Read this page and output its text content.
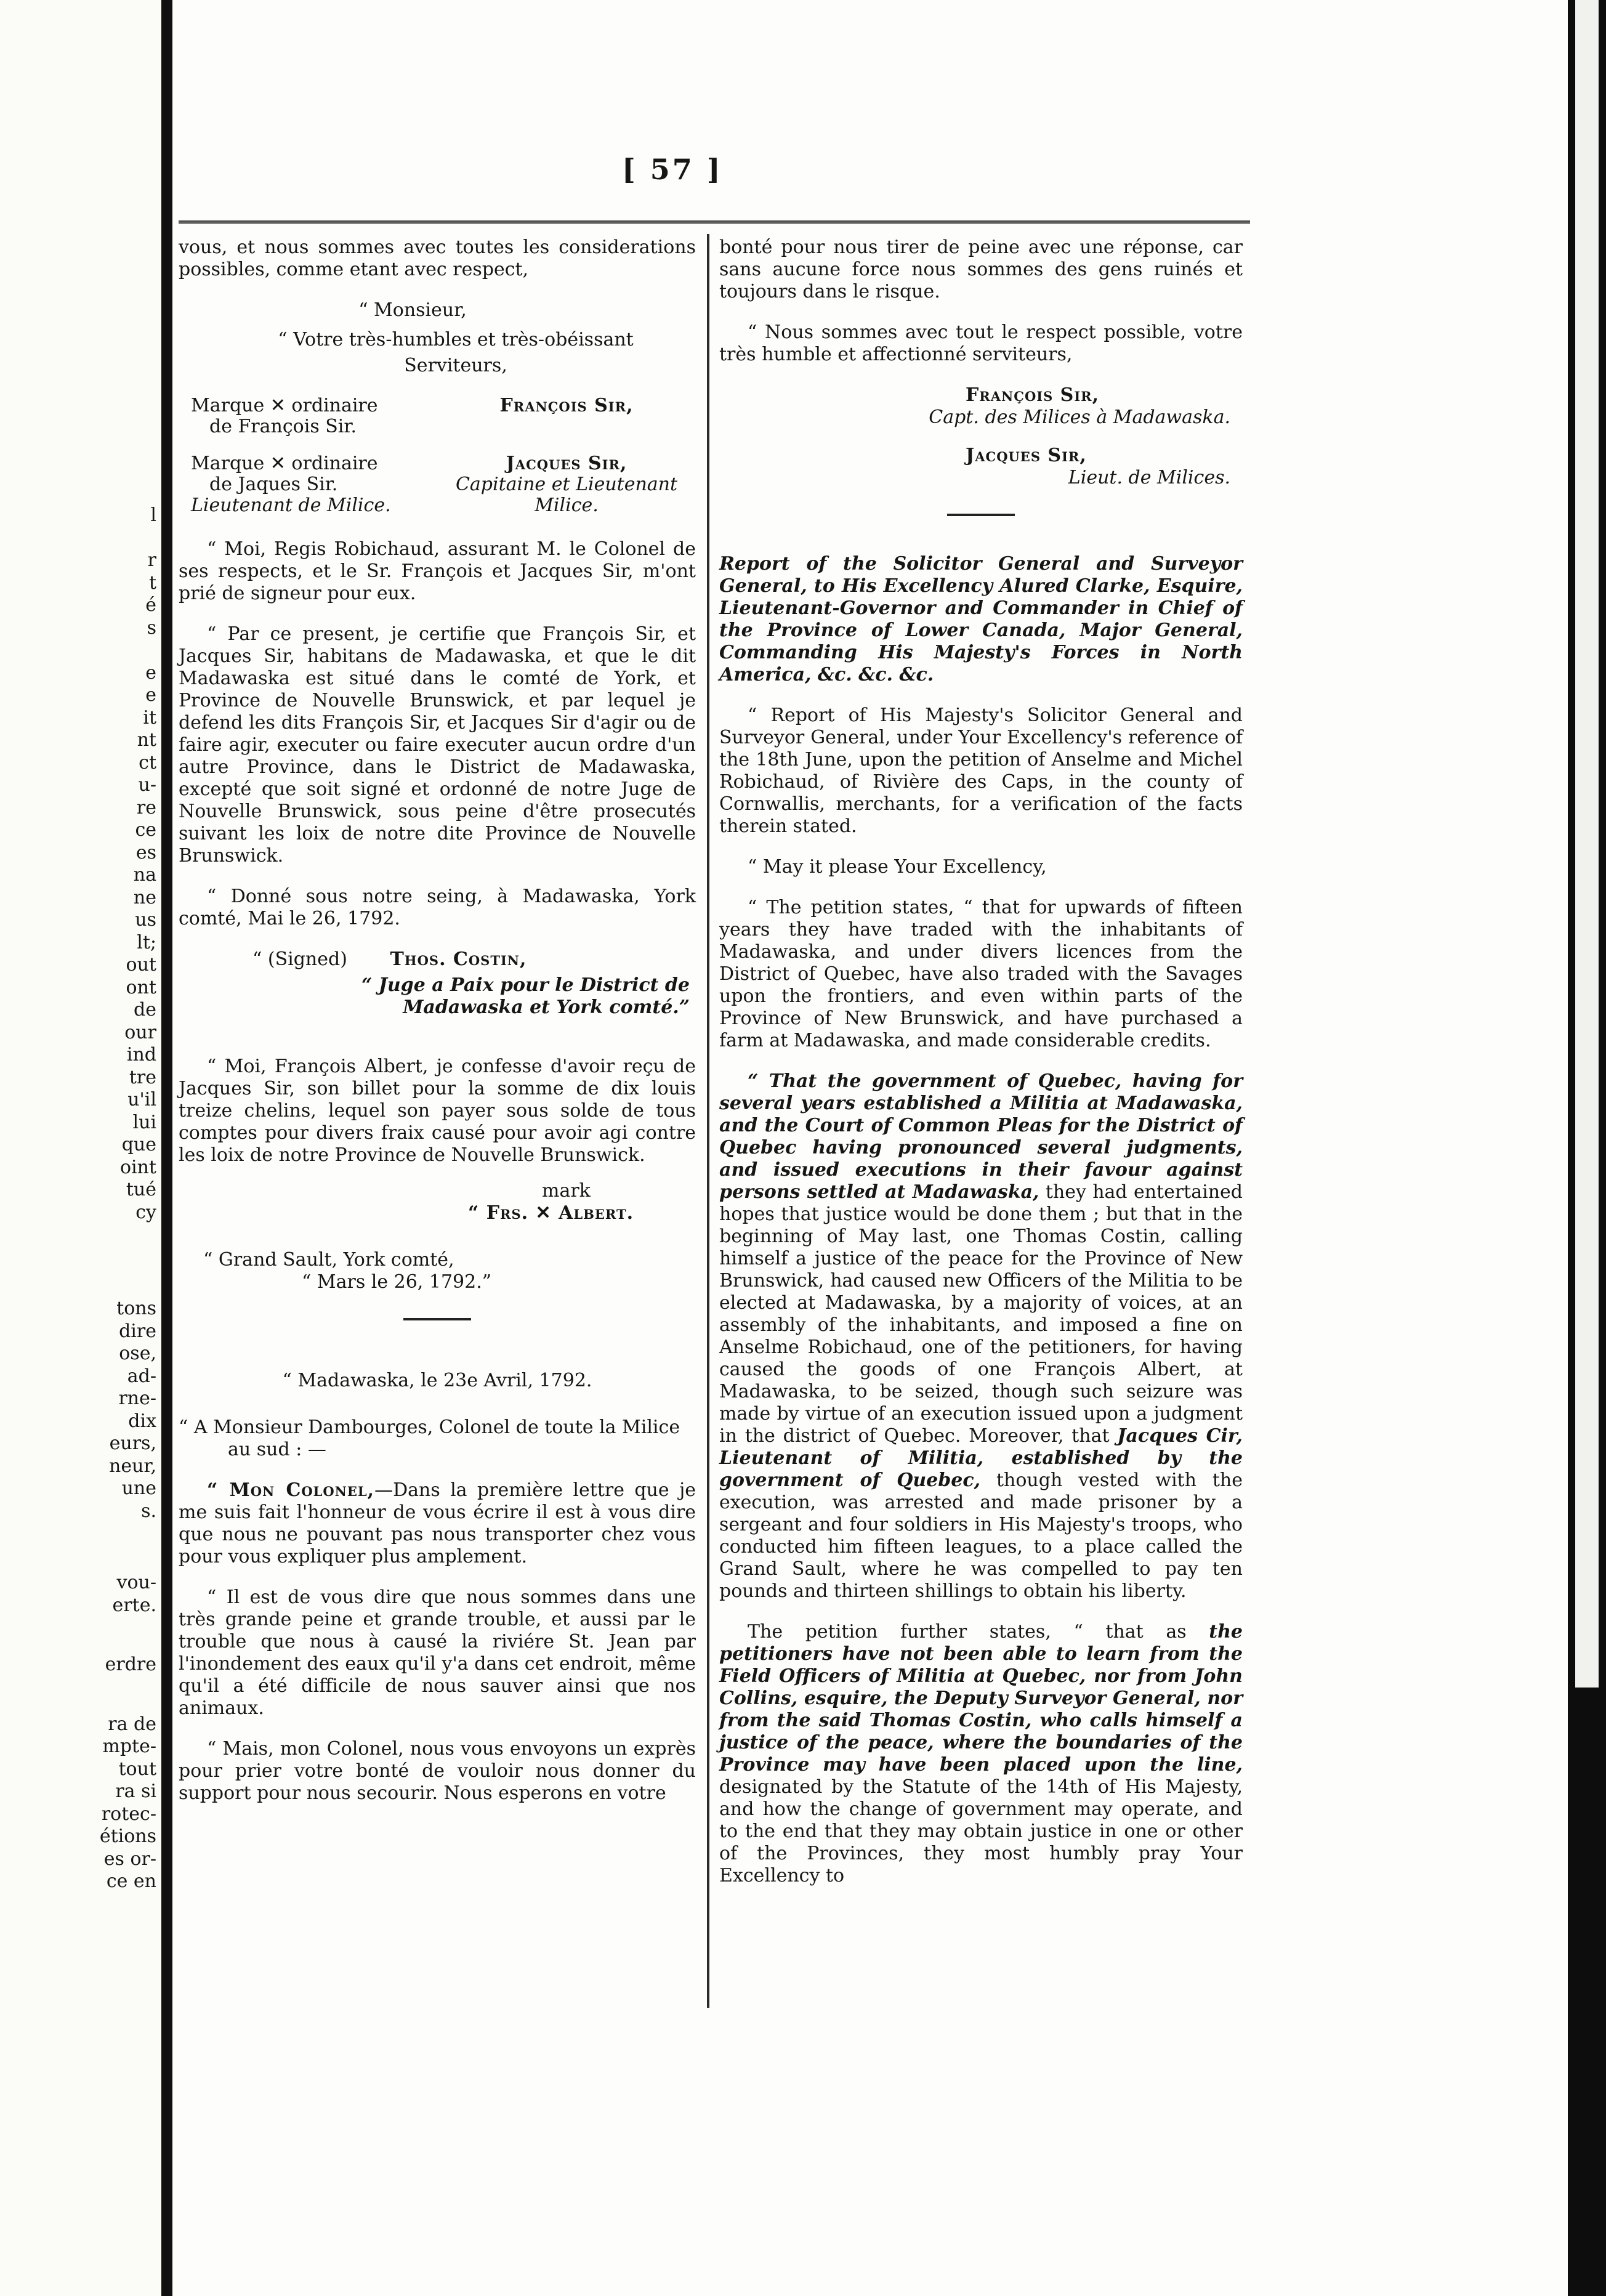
l
r
t
é
s
e
e
it
nt
ct
u-
re
ce
es
na
ne
us
lt;
out
ont
de
our
ind
tre
u'il
lui
que
oint
tué
cy
tons
dire
ose,
ad-
rne-
dix
eurs,
neur,
une
s.
vou-
erte.
erdre
ra de
mpte-
tout
ra si
rotec-
étions
es or-
ce en
[ 57 ]

vous, et nous sommes avec toutes les considerations possibles, comme etant avec respect,

“ Monsieur,

“ Votre très-humbles et très-obéissant

Serviteurs,

Marque ✕ ordinaire
de François Sir.
François Sir,
Marque ✕ ordinaire
de Jaques Sir.
Lieutenant de Milice.
Jacques Sir,
Capitaine et Lieutenant
Milice.

“ Moi, Regis Robichaud, assurant M. le Colonel de ses respects, et le Sr. François et Jacques Sir, m'ont prié de signeur pour eux.

“ Par ce present, je certifie que François Sir, et Jacques Sir, habitans de Madawaska, et que le dit Madawaska est situé dans le comté de York, et Province de Nouvelle Brunswick, et par lequel je defend les dits François Sir, et Jacques Sir d'agir ou de faire agir, executer ou faire executer aucun ordre d'un autre Province, dans le District de Madawaska, excepté que soit signé et ordonné de notre Juge de Nouvelle Brunswick, sous peine d'être prosecutés suivant les loix de notre dite Province de Nouvelle Brunswick.

“ Donné sous notre seing, à Madawaska, York comté, Mai le 26, 1792.

“ (Signed) Thos. Costin,
“ Juge a Paix pour le District de
Madawaska et York comté.”

“ Moi, François Albert, je confesse d'avoir reçu de Jacques Sir, son billet pour la somme de dix louis treize chelins, lequel son payer sous solde de tous comptes pour divers fraix causé pour avoir agi contre les loix de notre Province de Nouvelle Brunswick.

mark
“ Frs. ✕ Albert.
“ Grand Sault, York comté,
“ Mars le 26, 1792.”

“ Madawaska, le 23e Avril, 1792.

“ A Monsieur Dambourges, Colonel de toute la Milice
au sud : —

“ Mon Colonel,—Dans la première lettre que je me suis fait l'honneur de vous écrire il est à vous dire que nous ne pouvant pas nous transporter chez vous pour vous expliquer plus amplement.

“ Il est de vous dire que nous sommes dans une très grande peine et grande trouble, et aussi par le trouble que nous à causé la riviére St. Jean par l'inondement des eaux qu'il y'a dans cet endroit, même qu'il a été difficile de nous sauver ainsi que nos animaux.

“ Mais, mon Colonel, nous vous envoyons un exprès pour prier votre bonté de vouloir nous donner du support pour nous secourir. Nous esperons en votre

bonté pour nous tirer de peine avec une réponse, car sans aucune force nous sommes des gens ruinés et toujours dans le risque.

“ Nous sommes avec tout le respect possible, votre très humble et affectionné serviteurs,

François Sir,
Capt. des Milices à Madawaska.
Jacques Sir,
Lieut. de Milices.

Report of the Solicitor General and Surveyor General, to His Excellency Alured Clarke, Esquire, Lieutenant-Governor and Commander in Chief of the Province of Lower Canada, Major General, Commanding His Majesty's Forces in North America, &c. &c. &c.

“ Report of His Majesty's Solicitor General and Surveyor General, under Your Excellency's reference of the 18th June, upon the petition of Anselme and Michel Robichaud, of Rivière des Caps, in the county of Cornwallis, merchants, for a verification of the facts therein stated.

“ May it please Your Excellency,

“ The petition states, “ that for upwards of fifteen years they have traded with the inhabitants of Madawaska, and under divers licences from the District of Quebec, have also traded with the Savages upon the frontiers, and even within parts of the Province of New Brunswick, and have purchased a farm at Madawaska, and made considerable credits.

“ That the government of Quebec, having for several years established a Militia at Madawaska, and the Court of Common Pleas for the District of Quebec having pronounced several judgments, and issued executions in their favour against persons settled at Madawaska, they had entertained hopes that justice would be done them ; but that in the beginning of May last, one Thomas Costin, calling himself a justice of the peace for the Province of New Brunswick, had caused new Officers of the Militia to be elected at Madawaska, by a majority of voices, at an assembly of the inhabitants, and imposed a fine on Anselme Robichaud, one of the petitioners, for having caused the goods of one François Albert, at Madawaska, to be seized, though such seizure was made by virtue of an execution issued upon a judgment in the district of Quebec. Moreover, that Jacques Cir, Lieutenant of Militia, established by the government of Quebec, though vested with the execution, was arrested and made prisoner by a sergeant and four soldiers in His Majesty's troops, who conducted him fifteen leagues, to a place called the Grand Sault, where he was compelled to pay ten pounds and thirteen shillings to obtain his liberty.

The petition further states, “ that as the petitioners have not been able to learn from the Field Officers of Militia at Quebec, nor from John Collins, esquire, the Deputy Surveyor General, nor from the said Thomas Costin, who calls himself a justice of the peace, where the boundaries of the Province may have been placed upon the line, designated by the Statute of the 14th of His Majesty, and how the change of government may operate, and to the end that they may obtain justice in one or other of the Provinces, they most humbly pray Your Excellency to
